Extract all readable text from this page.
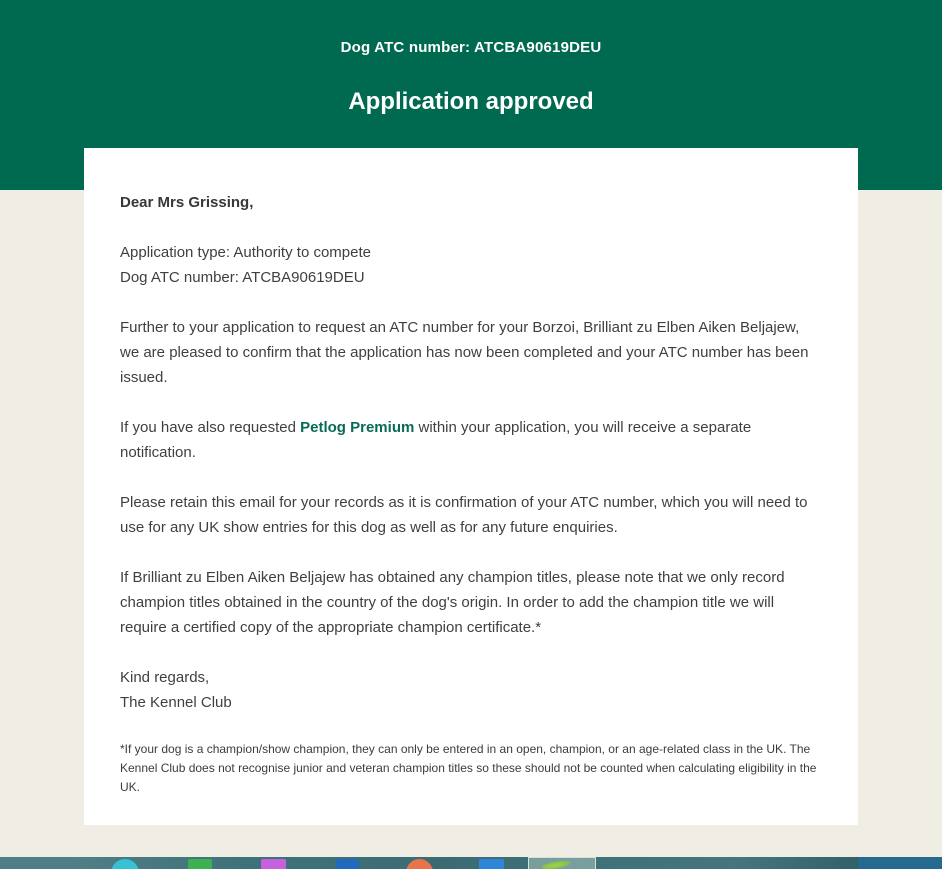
Dog ATC number: ATCBA90619DEU
Application approved

Dear Mrs Grissing,

Application type: Authority to compete
Dog ATC number: ATCBA90619DEU

Further to your application to request an ATC number for your Borzoi, Brilliant zu Elben Aiken Beljajew, we are pleased to confirm that the application has now been completed and your ATC number has been issued.

If you have also requested Petlog Premium within your application, you will receive a separate notification.

Please retain this email for your records as it is confirmation of your ATC number, which you will need to use for any UK show entries for this dog as well as for any future enquiries.

If Brilliant zu Elben Aiken Beljajew has obtained any champion titles, please note that we only record champion titles obtained in the country of the dog's origin. In order to add the champion title we will require a certified copy of the appropriate champion certificate.*

Kind regards,
The Kennel Club

*If your dog is a champion/show champion, they can only be entered in an open, champion, or an age-related class in the UK. The Kennel Club does not recognise junior and veteran champion titles so these should not be counted when calculating eligibility in the UK.
